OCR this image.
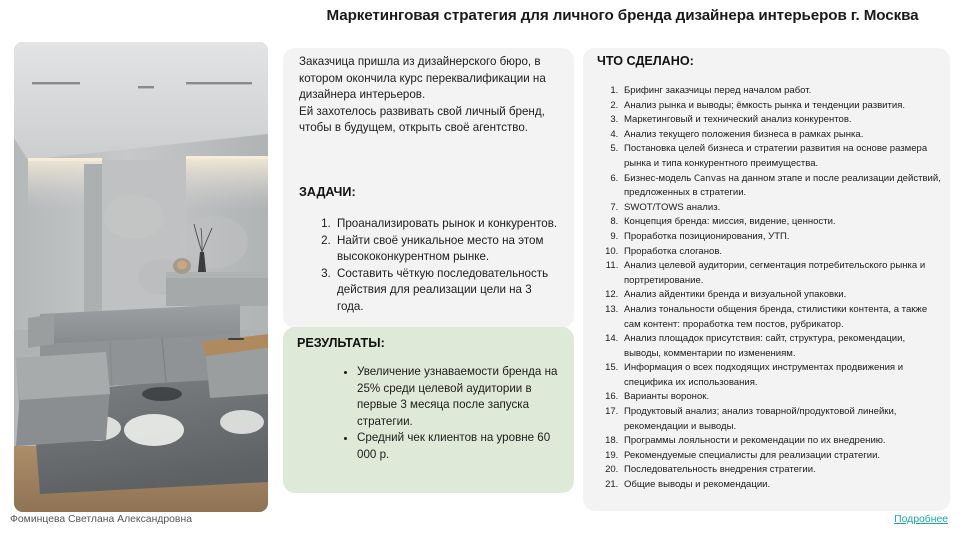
Маркетинговая стратегия для личного бренда дизайнера интерьеров г. Москва

Заказчица пришла из дизайнерского бюро, в котором окончила курс переквалификации на дизайнера интерьеров.

Ей захотелось развивать свой личный бренд, чтобы в будущем, открыть своё агентство.

ЗАДАЧИ:
1. Проанализировать рынок и конкурентов.
2. Найти своё уникальное место на этом высококонкурентном рынке.
3. Составить чёткую последовательность действия для реализации цели на 3 года.
РЕЗУЛЬТАТЫ:
• Увеличение узнаваемости бренда на 25% среди целевой аудитории в первые 3 месяца после запуска стратегии.
• Средний чек клиентов на уровне 60 000 р.
ЧТО СДЕЛАНО:
1. Брифинг заказчицы перед началом работ.
2. Анализ рынка и выводы; ёмкость рынка и тенденции развития.
3. Маркетинговый и технический анализ конкурентов.
4. Анализ текущего положения бизнеса в рамках рынка.
5. Постановка целей бизнеса и стратегии развития на основе размера рынка и типа конкурентного преимущества.
6. Бизнес-модель Canvas на данном этапе и после реализации действий, предложенных в стратегии.
7. SWOT/TOWS анализ.
8. Концепция бренда: миссия, видение, ценности.
9. Проработка позиционирования, УТП.
10. Проработка слоганов.
11. Анализ целевой аудитории, сегментация потребительского рынка и портретирование.
12. Анализ айдентики бренда и визуальной упаковки.
13. Анализ тональности общения бренда, стилистики контента, а также сам контент: проработка тем постов, рубрикатор.
14. Анализ площадок присутствия: сайт, структура, рекомендации, выводы, комментарии по изменениям.
15. Информация о всех подходящих инструментах продвижения и специфика их использования.
16. Варианты воронок.
17. Продуктовый анализ; анализ товарной/продуктовой линейки, рекомендации и выводы.
18. Программы лояльности и рекомендации по их внедрению.
19. Рекомендуемые специалисты для реализации стратегии.
20. Последовательность внедрения стратегии.
21. Общие выводы и рекомендации.
Фоминцева Светлана Александровна	Подробнее
